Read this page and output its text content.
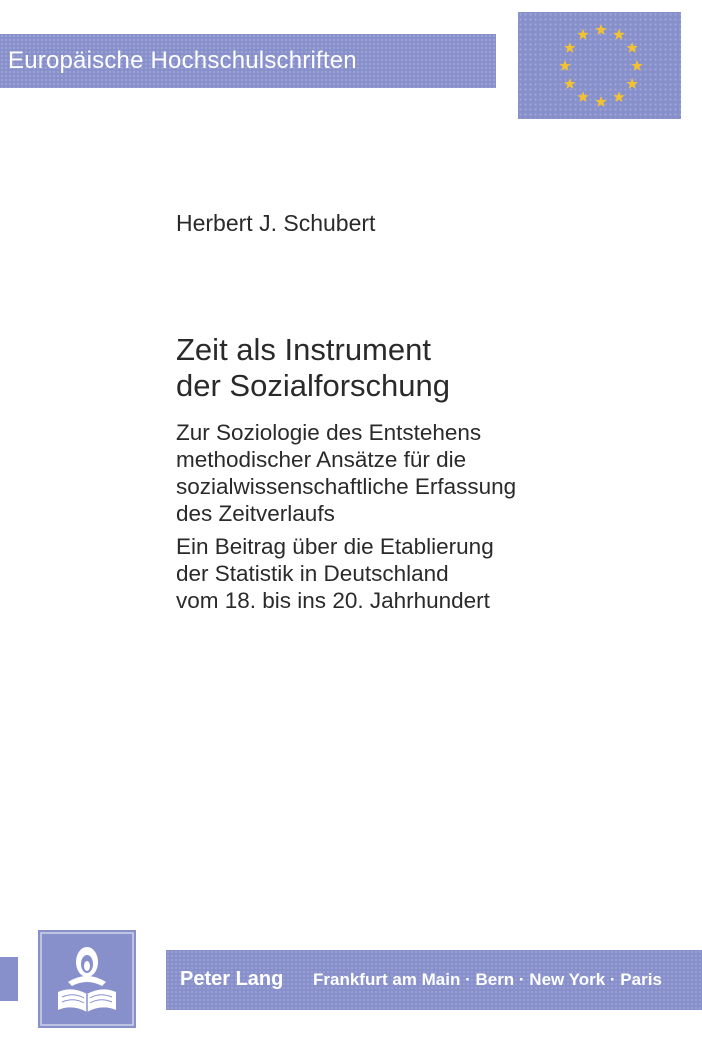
Europäische Hochschulschriften
Herbert J. Schubert
Zeit als Instrument
der Sozialforschung
Zur Soziologie des Entstehens
methodischer Ansätze für die
sozialwissenschaftliche Erfassung
des Zeitverlaufs
Ein Beitrag über die Etablierung
der Statistik in Deutschland
vom 18. bis ins 20. Jahrhundert
Peter Lang Frankfurt am Main · Bern · New York · Paris
